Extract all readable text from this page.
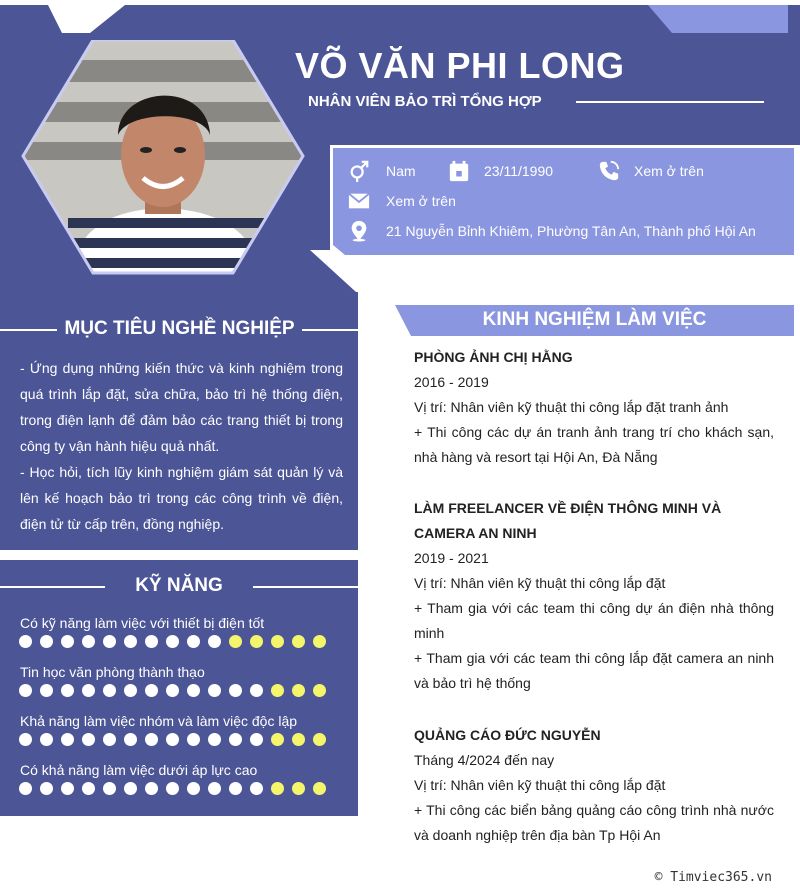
VÕ VĂN PHI LONG
NHÂN VIÊN BẢO TRÌ TỔNG HỢP
Nam	23/11/1990	Xem ở trên
Xem ở trên
21 Nguyễn Bỉnh Khiêm, Phường Tân An, Thành phố Hội An
MỤC TIÊU NGHỀ NGHIỆP

- Ứng dụng những kiến thức và kinh nghiệm trong quá trình lắp đặt, sửa chữa, bảo trì hệ thống điện, trong điện lạnh để đảm bảo các trang thiết bị trong công ty vận hành hiệu quả nhất.

- Học hỏi, tích lũy kinh nghiệm giám sát quản lý và lên kế hoạch bảo trì trong các công trình về điện, điện tử từ cấp trên, đồng nghiệp.

KỸ NĂNG
Có kỹ năng làm việc với thiết bị điện tốt
Tin học văn phòng thành thạo
Khả năng làm việc nhóm và làm việc độc lập
Có khả năng làm việc dưới áp lực cao
KINH NGHIỆM LÀM VIỆC
PHÒNG ẢNH CHỊ HẰNG
2016 - 2019

Vị trí: Nhân viên kỹ thuật thi công lắp đặt tranh ảnh

+ Thi công các dự án tranh ảnh trang trí cho khách sạn, nhà hàng và resort tại Hội An, Đà Nẵng

LÀM FREELANCER VỀ ĐIỆN THÔNG MINH VÀ CAMERA AN NINH
2019 - 2021

Vị trí: Nhân viên kỹ thuật thi công lắp đặt

+ Tham gia với các team thi công dự án điện nhà thông minh

+ Tham gia với các team thi công lắp đặt camera an ninh và bảo trì hệ thống

QUẢNG CÁO ĐỨC NGUYỄN
Tháng 4/2024 đến nay

Vị trí: Nhân viên kỹ thuật thi công lắp đặt

+ Thi công các biển bảng quảng cáo công trình nhà nước và doanh nghiệp trên địa bàn Tp Hội An

© Timviec365.vn
